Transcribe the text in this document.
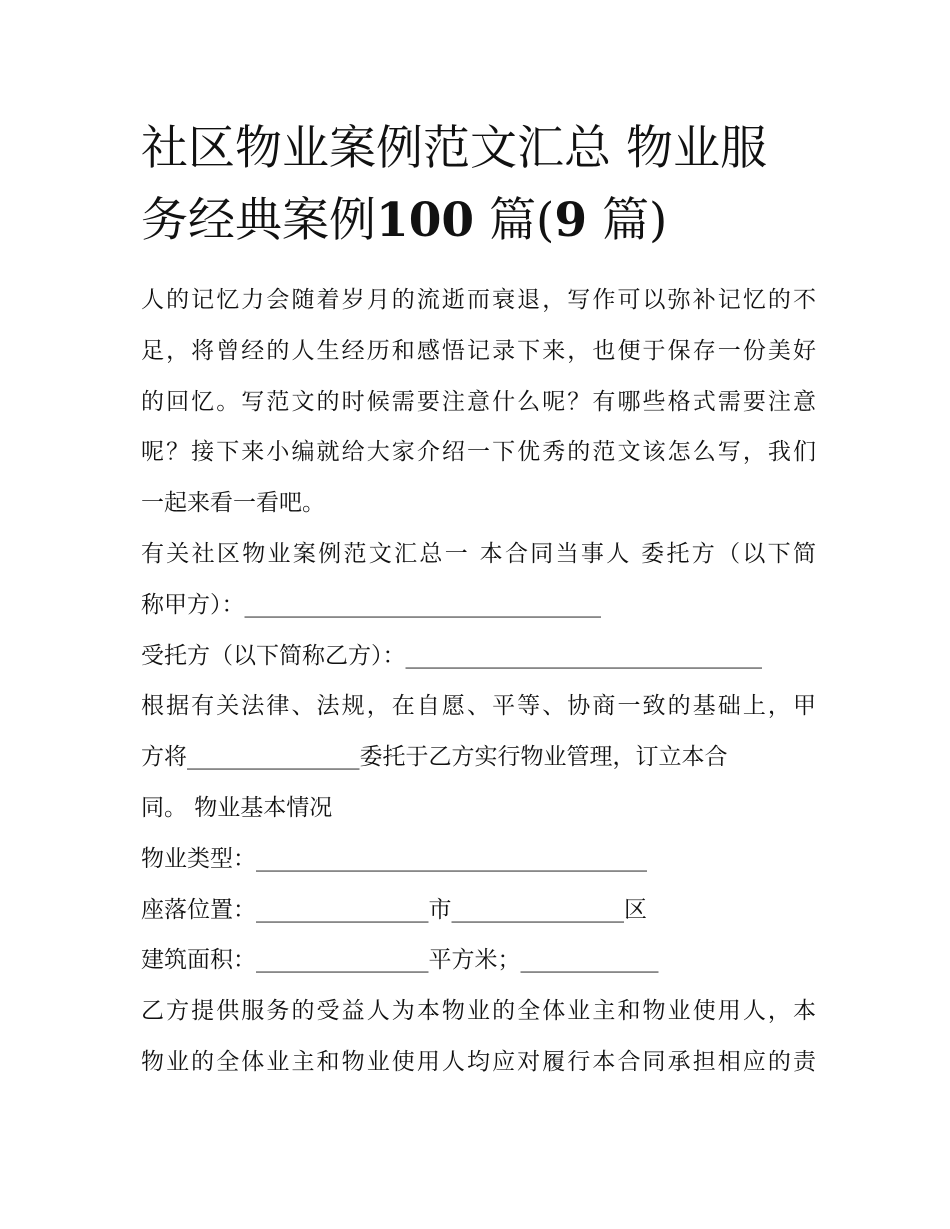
社区物业案例范文汇总 物业服
务经典案例100 篇(9 篇)
人的记忆力会随着岁月的流逝而衰退，写作可以弥补记忆的不
足，将曾经的人生经历和感悟记录下来，也便于保存一份美好
的回忆。写范文的时候需要注意什么呢？有哪些格式需要注意
呢？接下来小编就给大家介绍一下优秀的范文该怎么写，我们
一起来看一看吧。
有关社区物业案例范文汇总一 本合同当事人 委托方（以下简
称甲方）：_______________________________
受托方（以下简称乙方）：_______________________________
根据有关法律、法规，在自愿、平等、协商一致的基础上，甲
方将_______________委托于乙方实行物业管理，订立本合
同。 物业基本情况
物业类型：__________________________________
座落位置：_______________市_______________区
建筑面积：_______________平方米；____________
乙方提供服务的受益人为本物业的全体业主和物业使用人，本
物业的全体业主和物业使用人均应对履行本合同承担相应的责
